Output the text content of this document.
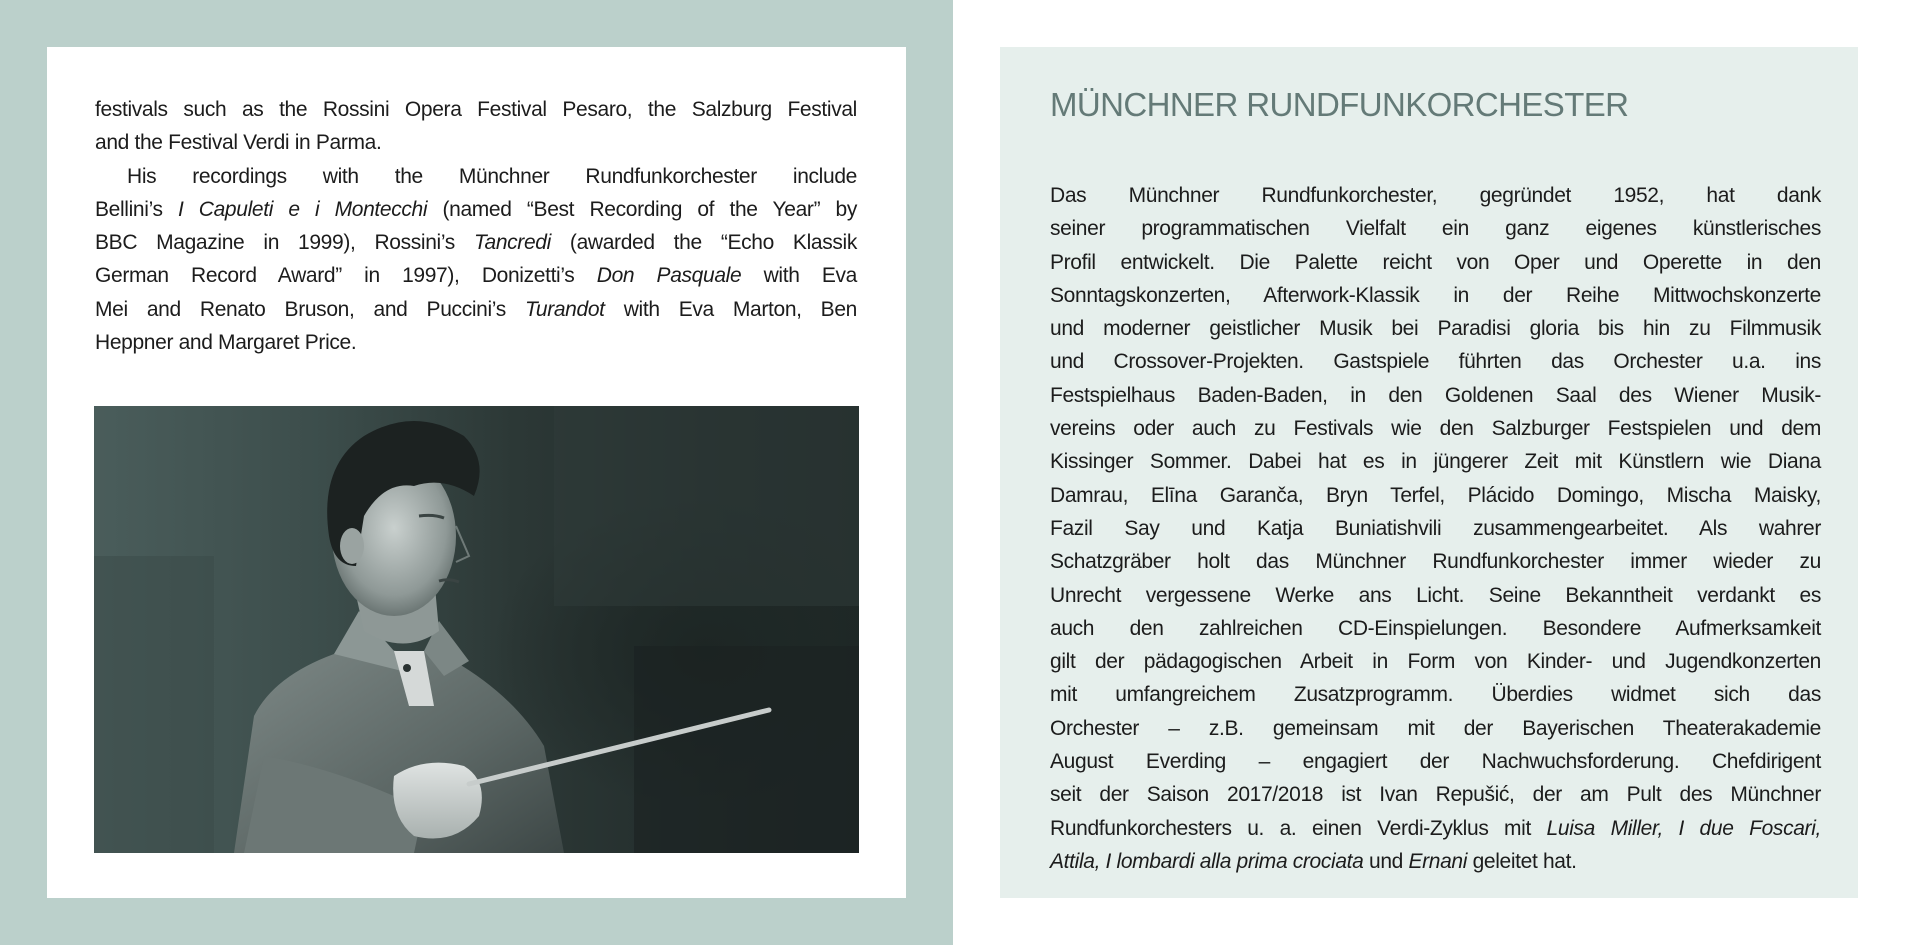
festivals such as the Rossini Opera Festival Pesaro, the Salzburg Festival
and the Festival Verdi in Parma.
His recordings with the Münchner Rundfunkorchester include
Bellini’s I Capuleti e i Montecchi (named “Best Recording of the Year” by
BBC Magazine in 1999), Rossini’s Tancredi (awarded the “Echo Klassik
German Record Award” in 1997), Donizetti’s Don Pasquale with Eva
Mei and Renato Bruson, and Puccini’s Turandot with Eva Marton, Ben
Heppner and Margaret Price.
MÜNCHNER RUNDFUNKORCHESTER
Das Münchner Rundfunkorchester, gegründet 1952, hat dank
seiner programmatischen Vielfalt ein ganz eigenes künstlerisches
Profil entwickelt. Die Palette reicht von Oper und Operette in den
Sonntagskonzerten, Afterwork-Klassik in der Reihe Mittwochskonzerte
und moderner geistlicher Musik bei Paradisi gloria bis hin zu Filmmusik
und Crossover-Projekten. Gastspiele führten das Orchester u.a. ins
Festspielhaus Baden-Baden, in den Goldenen Saal des Wiener Musik-
vereins oder auch zu Festivals wie den Salzburger Festspielen und dem
Kissinger Sommer. Dabei hat es in jüngerer Zeit mit Künstlern wie Diana
Damrau, Elīna Garanča, Bryn Terfel, Plácido Domingo, Mischa Maisky,
Fazil Say und Katja Buniatishvili zusammengearbeitet. Als wahrer
Schatzgräber holt das Münchner Rundfunkorchester immer wieder zu
Unrecht vergessene Werke ans Licht. Seine Bekanntheit verdankt es
auch den zahlreichen CD-Einspielungen. Besondere Aufmerksamkeit
gilt der pädagogischen Arbeit in Form von Kinder- und Jugendkonzerten
mit umfangreichem Zusatzprogramm. Überdies widmet sich das
Orchester – z.B. gemeinsam mit der Bayerischen Theaterakademie
August Everding – engagiert der Nachwuchsforderung. Chefdirigent
seit der Saison 2017/2018 ist Ivan Repušić, der am Pult des Münchner
Rundfunkorchesters u. a. einen Verdi-Zyklus mit Luisa Miller, I due Foscari,
Attila, I lombardi alla prima crociata und Ernani geleitet hat.
